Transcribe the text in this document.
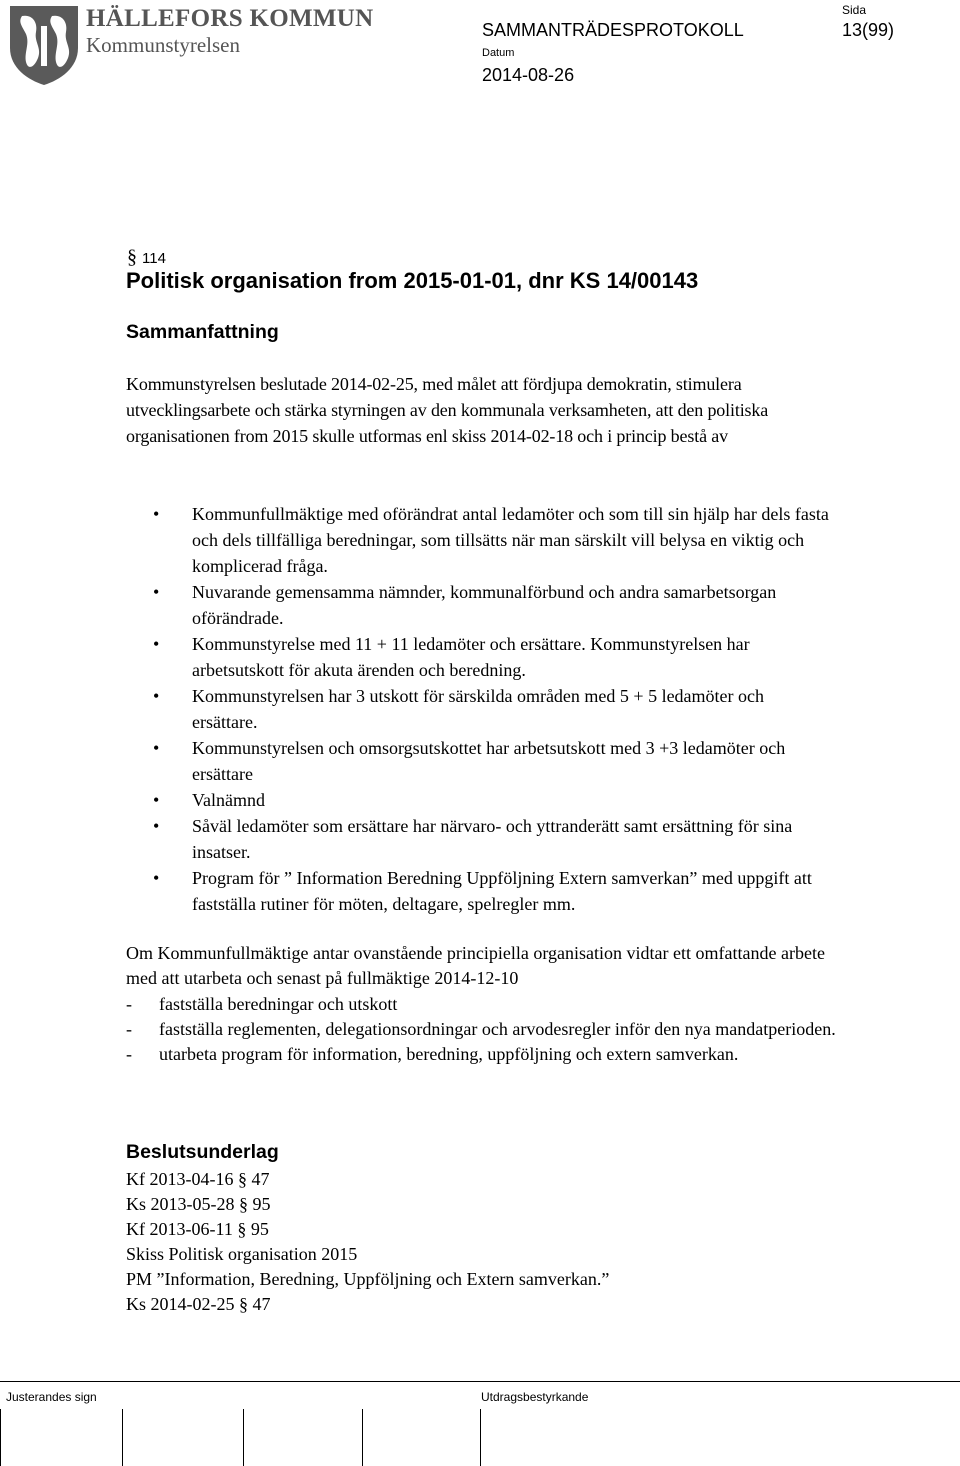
HÄLLEFORS KOMMUN
Kommunstyrelsen
SAMMANTRÄDESPROTOKOLL
Datum
2014-08-26
Sida
13(99)
§ 114
Politisk organisation from 2015-01-01, dnr KS 14/00143
Sammanfattning

Kommunstyrelsen beslutade 2014-02-25, med målet att fördjupa demokratin, stimulera utvecklingsarbete och stärka styrningen av den kommunala verksamheten, att den politiska organisationen from 2015 skulle utformas enl skiss 2014-02-18 och i princip bestå av

• Kommunfullmäktige med oförändrat antal ledamöter och som till sin hjälp har dels fasta och dels tillfälliga beredningar, som tillsätts när man särskilt vill belysa en viktig och komplicerad fråga.
• Nuvarande gemensamma nämnder, kommunalförbund och andra samarbetsorgan oförändrade.
• Kommunstyrelse med 11 + 11 ledamöter och ersättare. Kommunstyrelsen har arbetsutskott för akuta ärenden och beredning.
• Kommunstyrelsen har 3 utskott för särskilda områden med 5 + 5 ledamöter och ersättare.
• Kommunstyrelsen och omsorgsutskottet har arbetsutskott med 3 +3 ledamöter och ersättare
• Valnämnd
• Såväl ledamöter som ersättare har närvaro- och yttranderätt samt ersättning för sina insatser.
• Program för ” Information Beredning Uppföljning Extern samverkan” med uppgift att fastställa rutiner för möten, deltagare, spelregler mm.

Om Kommunfullmäktige antar ovanstående principiella organisation vidtar ett omfattande arbete med att utarbeta och senast på fullmäktige 2014-12-10

- fastställa beredningar och utskott
- fastställa reglementen, delegationsordningar och arvodesregler inför den nya mandatperioden.
- utarbeta program för information, beredning, uppföljning och extern samverkan.
Beslutsunderlag
Kf 2013-04-16 § 47
Ks 2013-05-28 § 95
Kf 2013-06-11 § 95
Skiss Politisk organisation 2015
PM ”Information, Beredning, Uppföljning och Extern samverkan.”
Ks 2014-02-25 § 47
Justerandes sign	Utdragsbestyrkande
